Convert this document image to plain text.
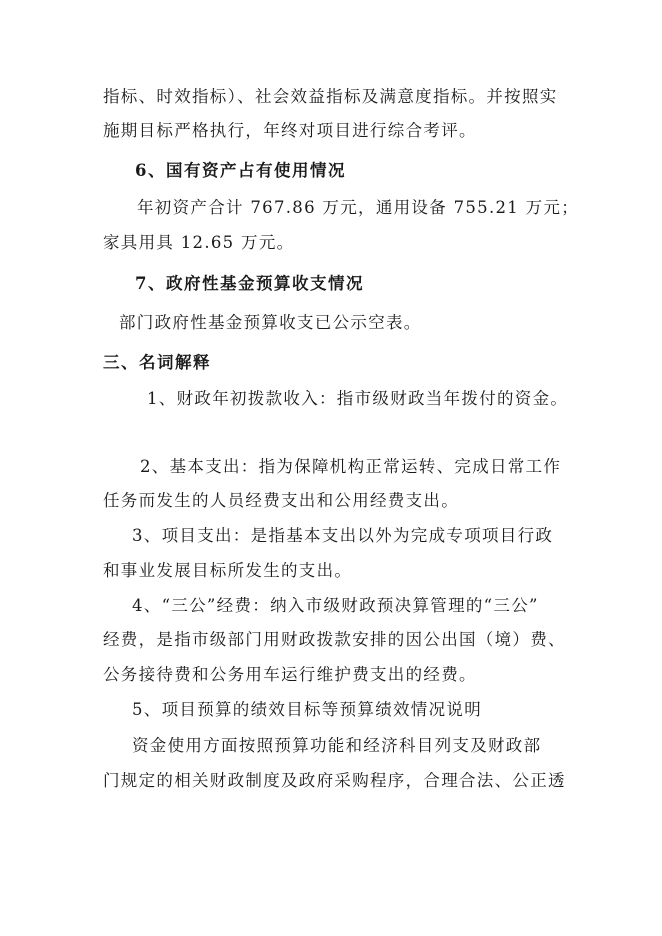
指标、时效指标）、社会效益指标及满意度指标。并按照实
施期目标严格执行，年终对项目进行综合考评。
6、国有资产占有使用情况
年初资产合计 767.86 万元，通用设备 755.21 万元；
家具用具 12.65 万元。
7、政府性基金预算收支情况
部门政府性基金预算收支已公示空表。
三、名词解释
1、财政年初拨款收入：指市级财政当年拨付的资金。
2、基本支出：指为保障机构正常运转、完成日常工作
任务而发生的人员经费支出和公用经费支出。
3、项目支出：是指基本支出以外为完成专项项目行政
和事业发展目标所发生的支出。
4、“三公”经费：纳入市级财政预决算管理的“三公”
经费，是指市级部门用财政拨款安排的因公出国（境）费、
公务接待费和公务用车运行维护费支出的经费。
5、项目预算的绩效目标等预算绩效情况说明
资金使用方面按照预算功能和经济科目列支及财政部
门规定的相关财政制度及政府采购程序，合理合法、公正透
